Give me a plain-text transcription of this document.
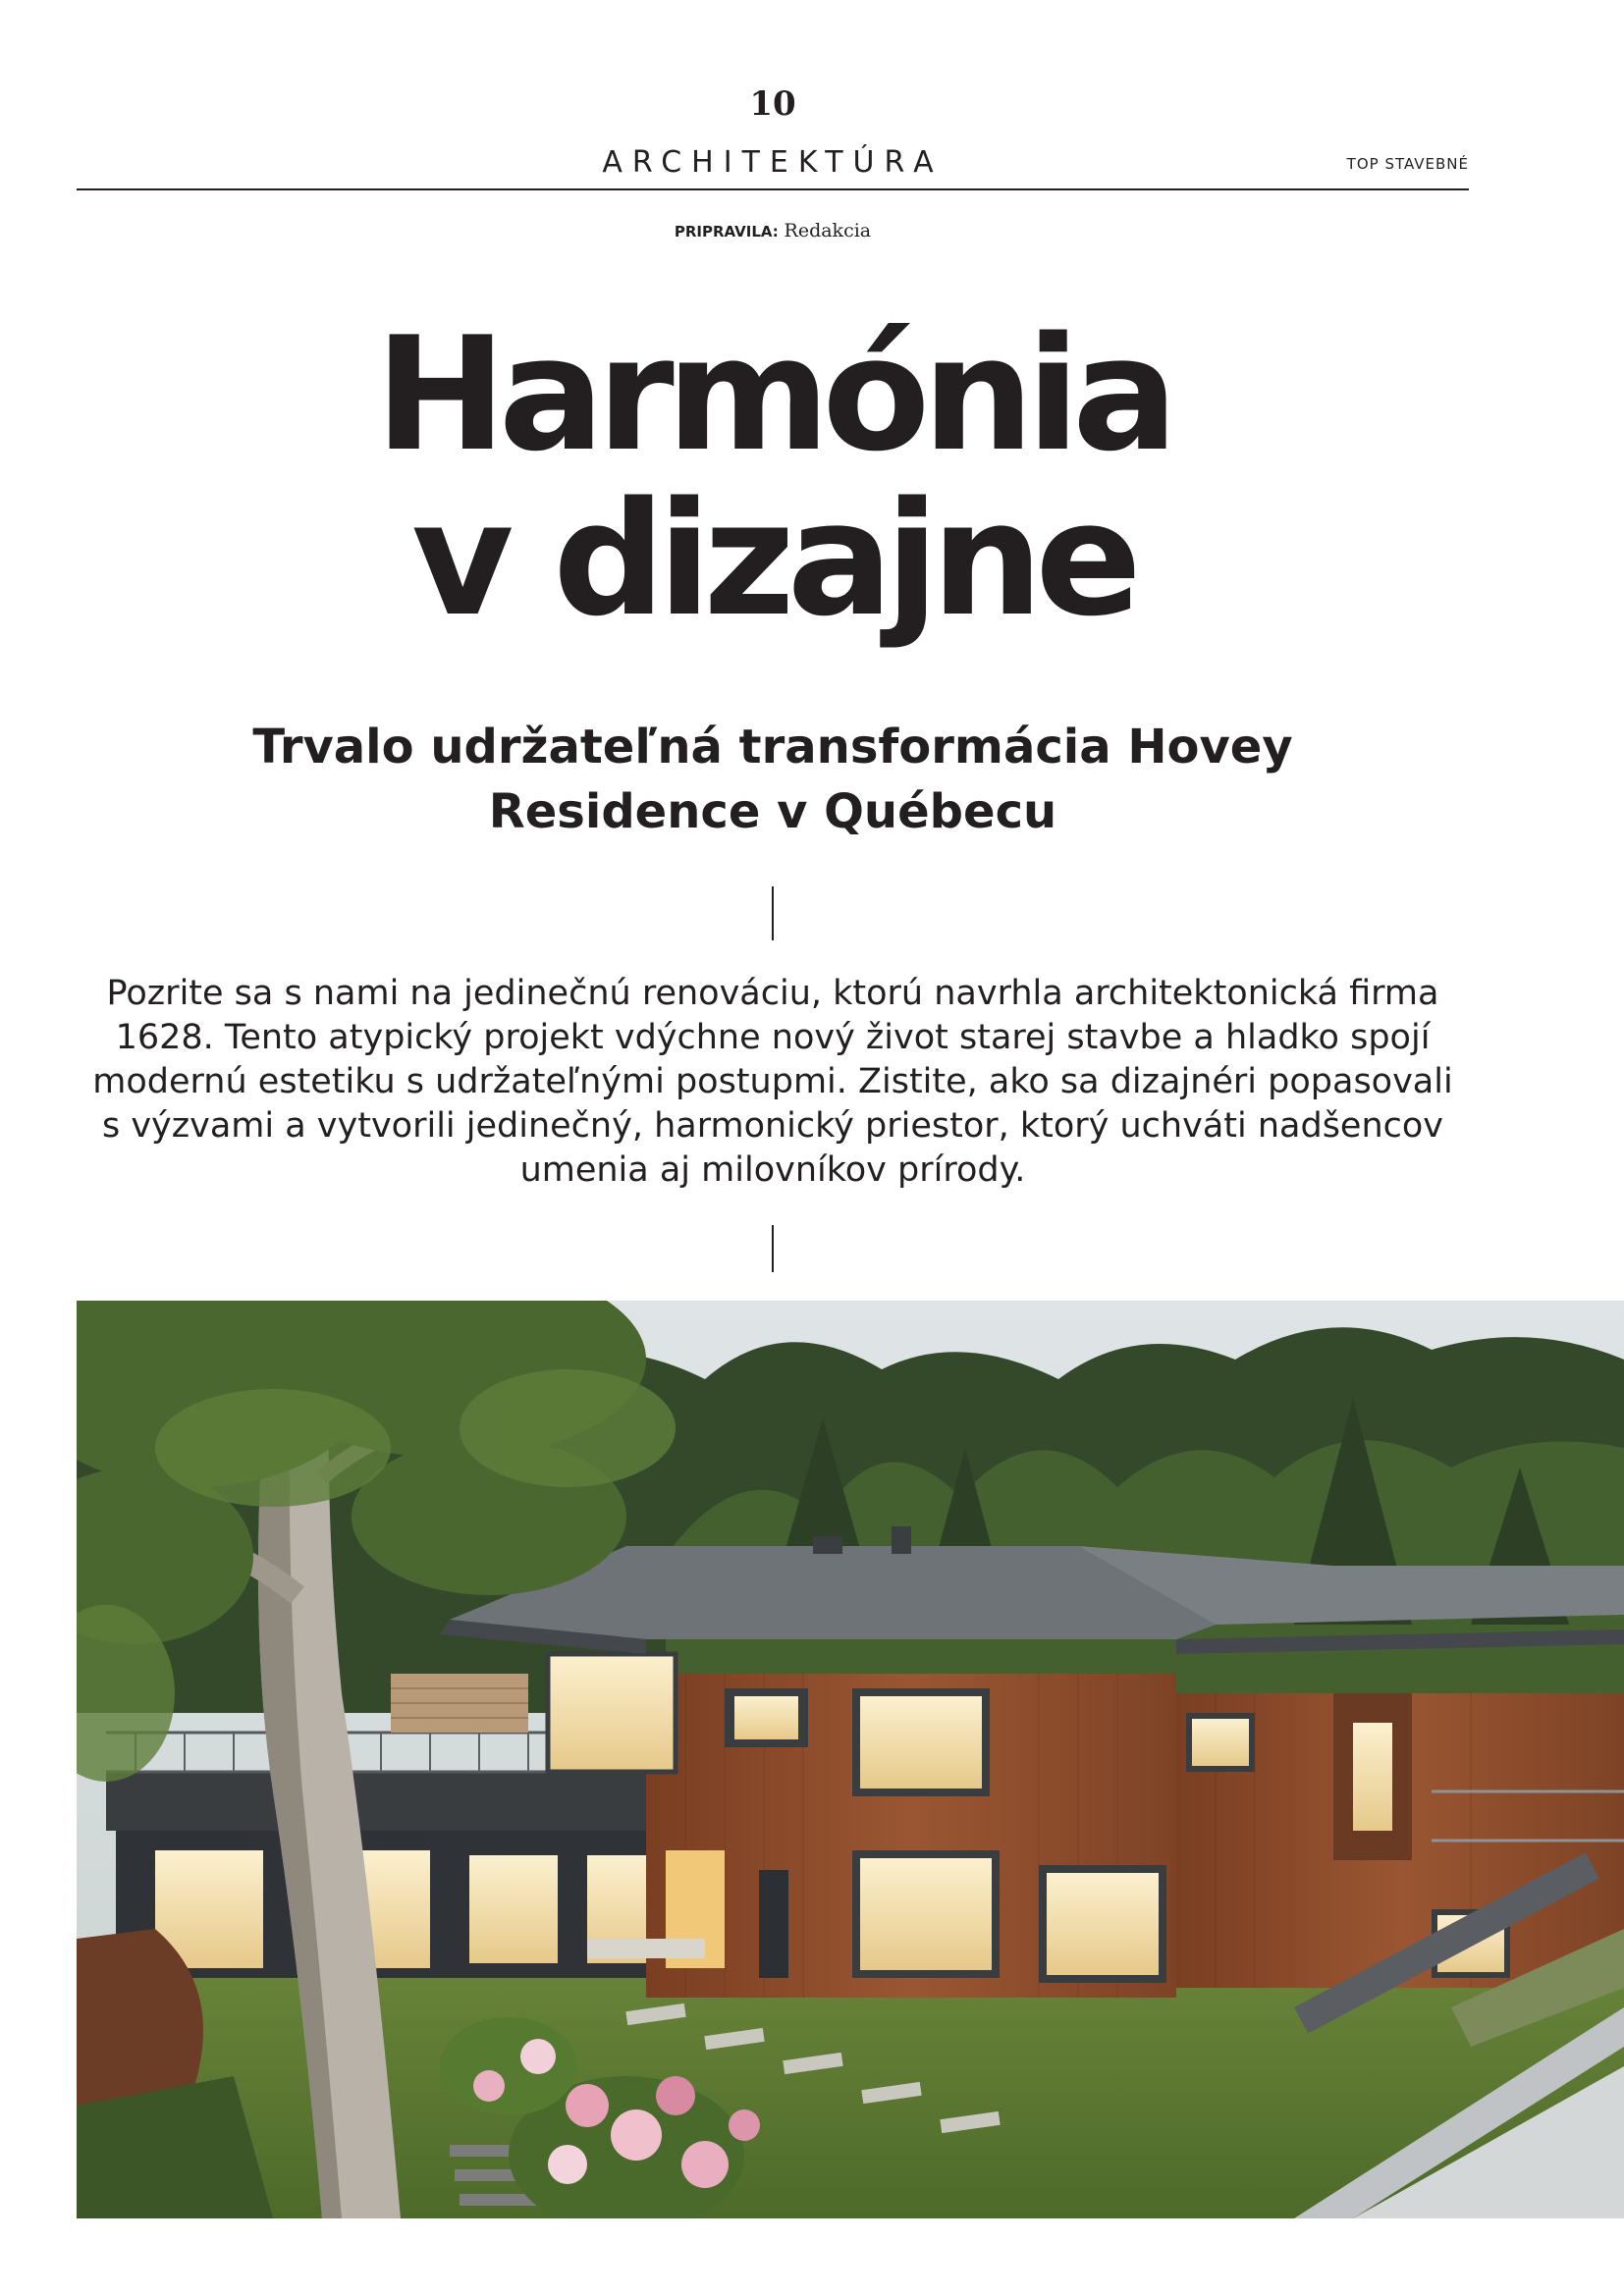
10
ARCHITEKTÚRA	TOP STAVEBNÉ
PRIPRAVILA: Redakcia
Harmónia
v dizajne
Trvalo udržateľná transformácia Hovey
Residence v Québecu

Pozrite sa s nami na jedinečnú renováciu, ktorú navrhla architektonická firma
1628. Tento atypický projekt vdýchne nový život starej stavbe a hladko spojí
modernú estetiku s udržateľnými postupmi. Zistite, ako sa dizajnéri popasovali
s výzvami a vytvorili jedinečný, harmonický priestor, ktorý uchváti nadšencov
umenia aj milovníkov prírody.
